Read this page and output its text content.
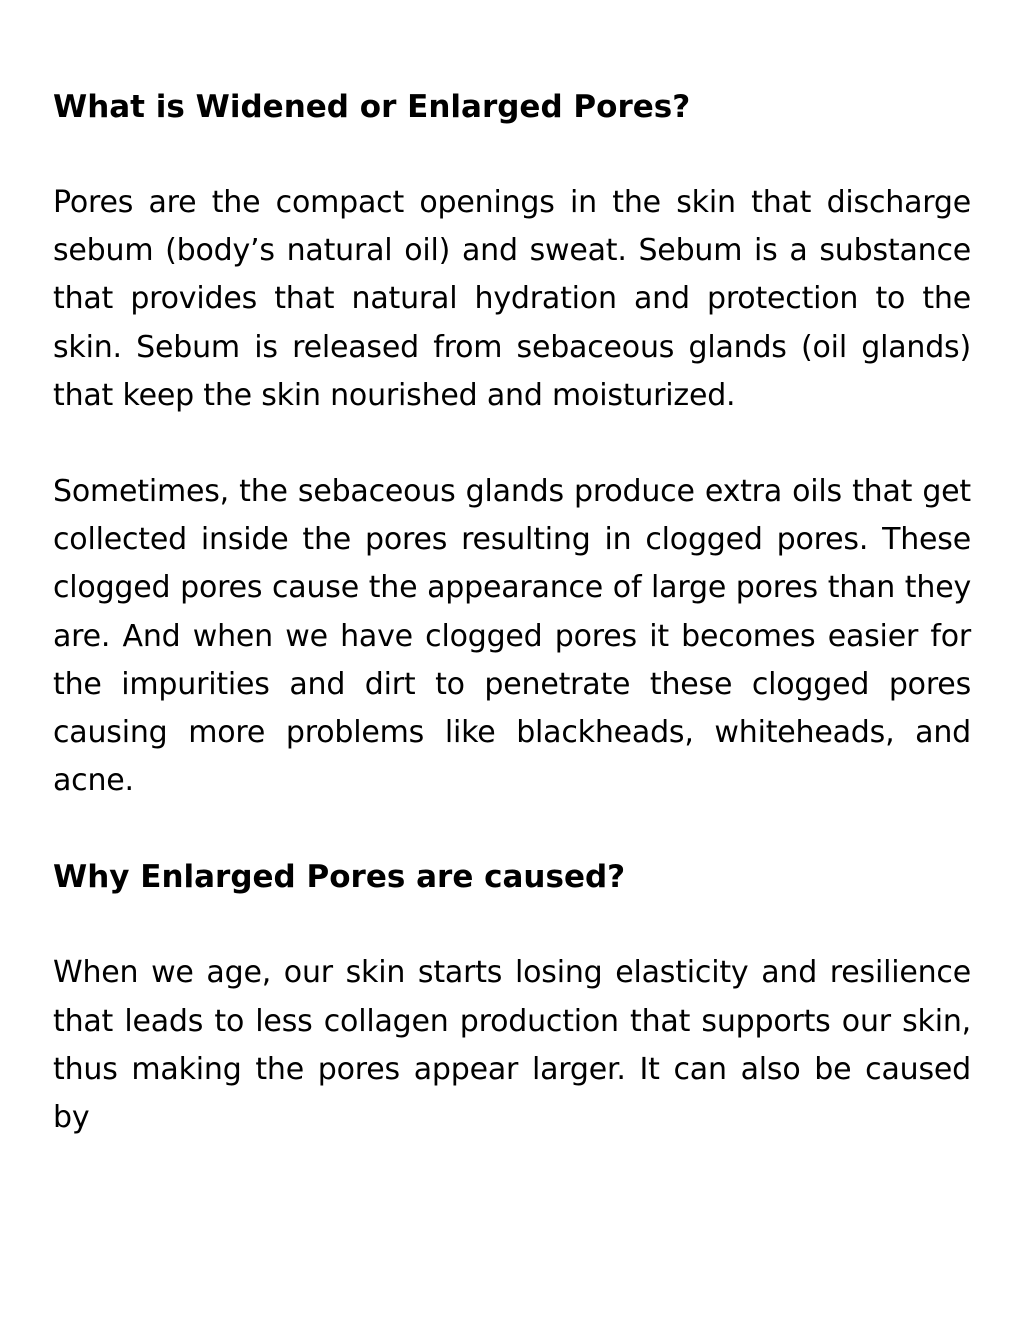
What is Widened or Enlarged Pores?

Pores are the compact openings in the skin that discharge sebum (body’s natural oil) and sweat. Sebum is a substance that provides that natural hydration and protection to the skin. Sebum is released from sebaceous glands (oil glands) that keep the skin nourished and moisturized.

Sometimes, the sebaceous glands produce extra oils that get collected inside the pores resulting in clogged pores. These clogged pores cause the appearance of large pores than they are. And when we have clogged pores it becomes easier for the impurities and dirt to penetrate these clogged pores causing more problems like blackheads, whiteheads, and acne.

Why Enlarged Pores are caused?

When we age, our skin starts losing elasticity and resilience that leads to less collagen production that supports our skin, thus making the pores appear larger. It can also be caused by
